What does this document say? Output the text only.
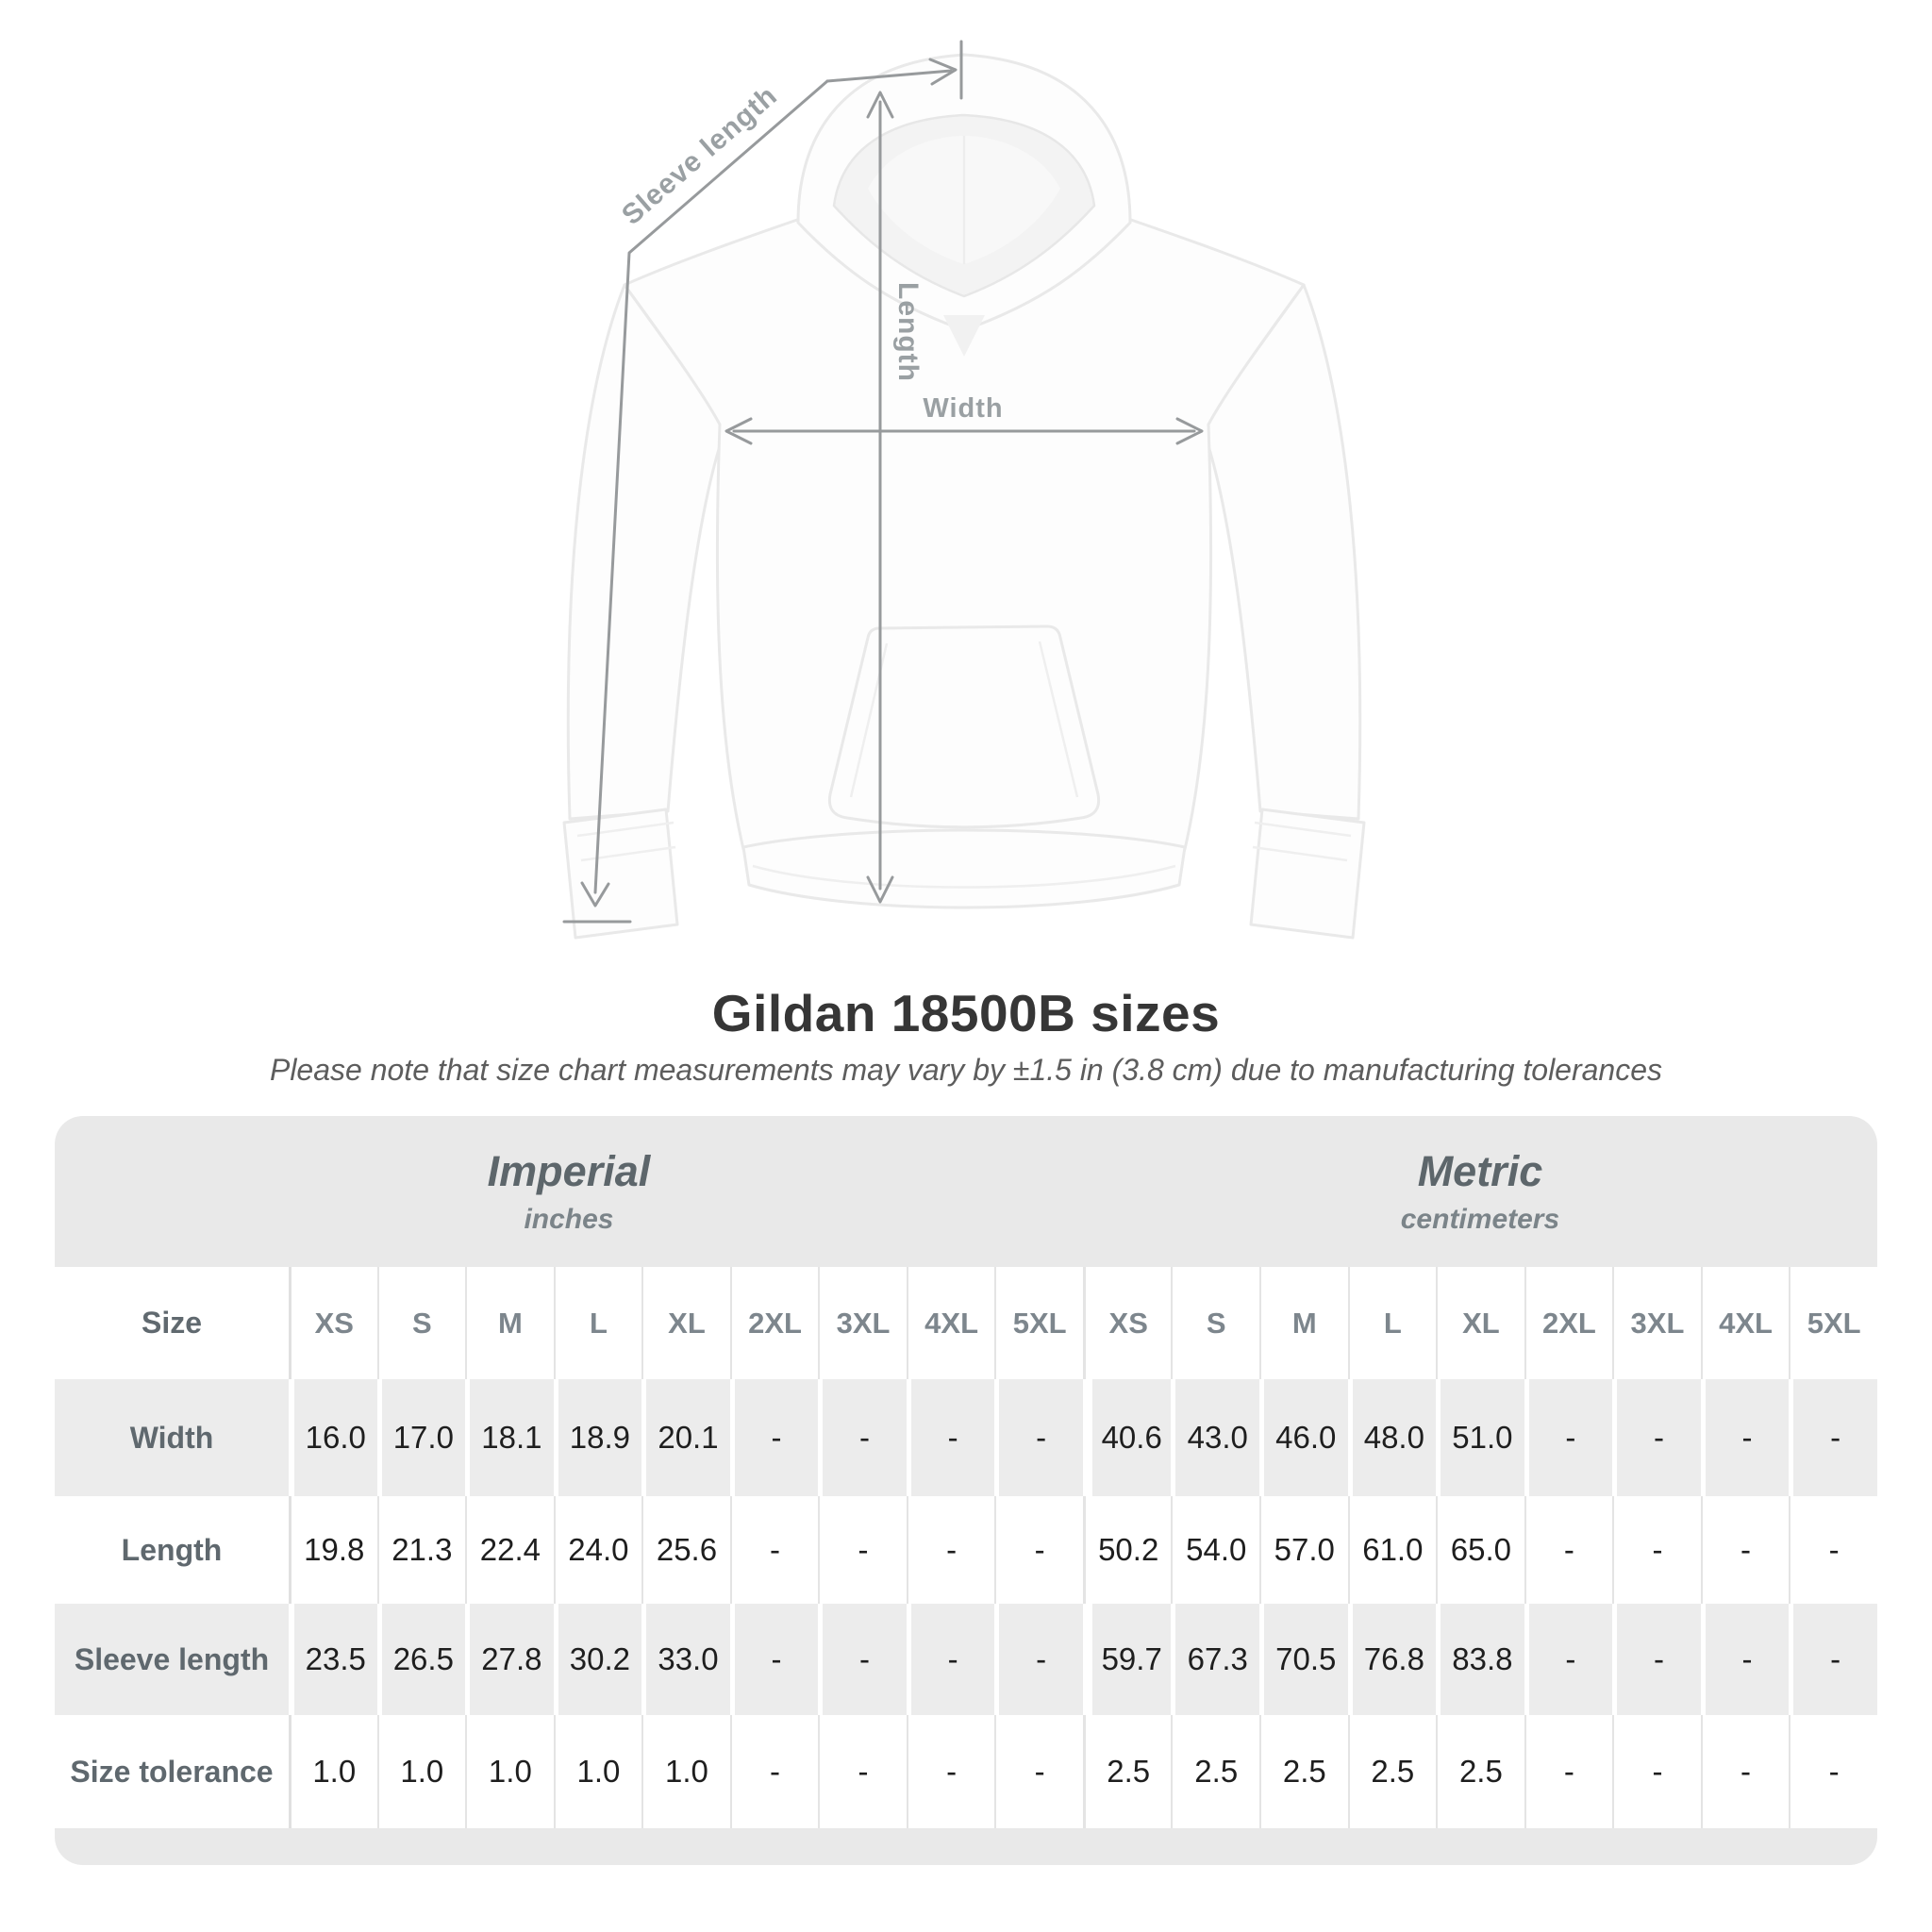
Sleeve length
Length
Width
Gildan 18500B sizes
Please note that size chart measurements may vary by ±1.5 in (3.8 cm) due to manufacturing tolerances
Imperial
inches

Metric
centimeters

Size	XS	S	M	L	XL	2XL	3XL	4XL	5XL	XS	S	M	L	XL	2XL	3XL	4XL	5XL
Width	16.0	17.0	18.1	18.9	20.1	-	-	-	-	40.6	43.0	46.0	48.0	51.0	-	-	-	-
Length	19.8	21.3	22.4	24.0	25.6	-	-	-	-	50.2	54.0	57.0	61.0	65.0	-	-	-	-
Sleeve length	23.5	26.5	27.8	30.2	33.0	-	-	-	-	59.7	67.3	70.5	76.8	83.8	-	-	-	-
Size tolerance	1.0	1.0	1.0	1.0	1.0	-	-	-	-	2.5	2.5	2.5	2.5	2.5	-	-	-	-
